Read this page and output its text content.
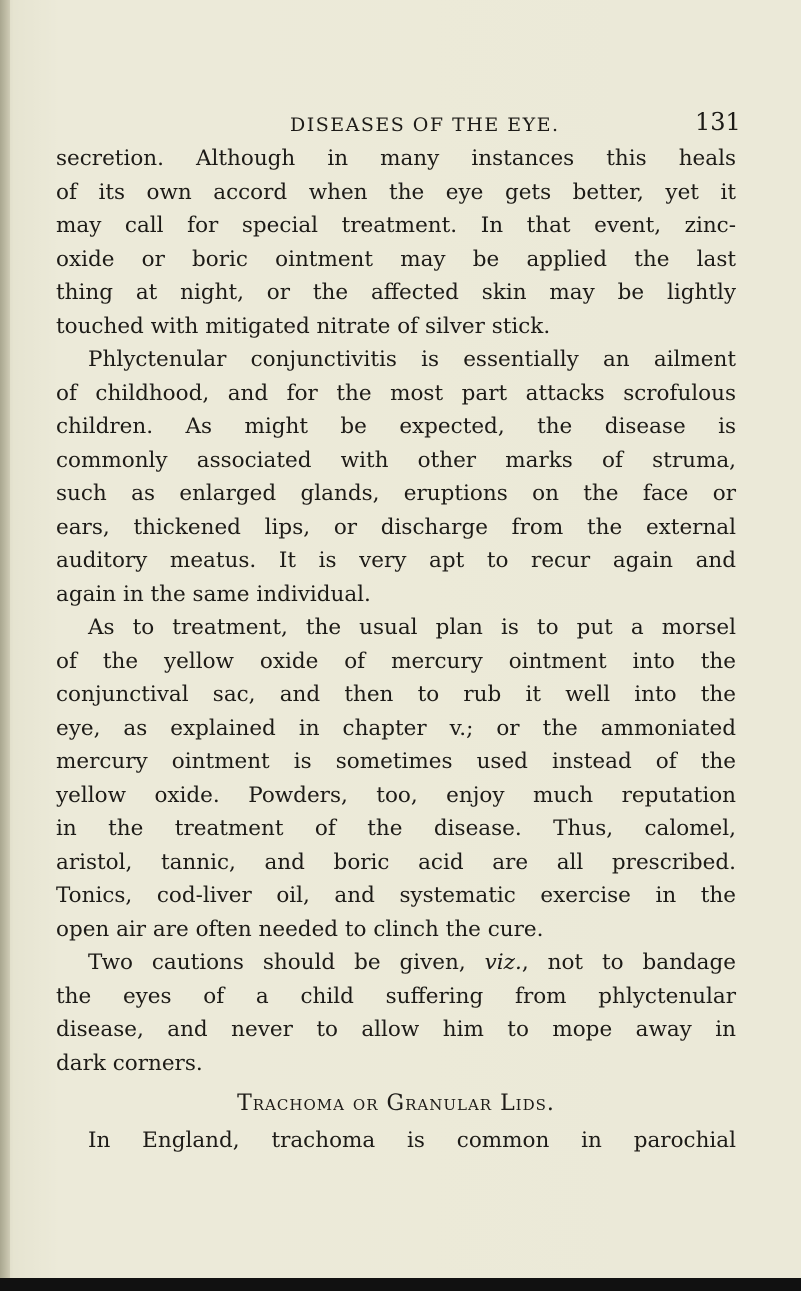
DISEASES OF THE EYE.	131
secretion. Although in many instances this heals
of its own accord when the eye gets better, yet it
may call for special treatment. In that event, zinc-
oxide or boric ointment may be applied the last
thing at night, or the affected skin may be lightly
touched with mitigated nitrate of silver stick.
Phlyctenular conjunctivitis is essentially an ailment
of childhood, and for the most part attacks scrofulous
children. As might be expected, the disease is
commonly associated with other marks of struma,
such as enlarged glands, eruptions on the face or
ears, thickened lips, or discharge from the external
auditory meatus. It is very apt to recur again and
again in the same individual.
As to treatment, the usual plan is to put a morsel
of the yellow oxide of mercury ointment into the
conjunctival sac, and then to rub it well into the
eye, as explained in chapter v.; or the ammoniated
mercury ointment is sometimes used instead of the
yellow oxide. Powders, too, enjoy much reputation
in the treatment of the disease. Thus, calomel,
aristol, tannic, and boric acid are all prescribed.
Tonics, cod-liver oil, and systematic exercise in the
open air are often needed to clinch the cure.
Two cautions should be given, viz., not to bandage
the eyes of a child suffering from phlyctenular
disease, and never to allow him to mope away in
dark corners.
Trachoma or Granular Lids.
In England, trachoma is common in parochial
